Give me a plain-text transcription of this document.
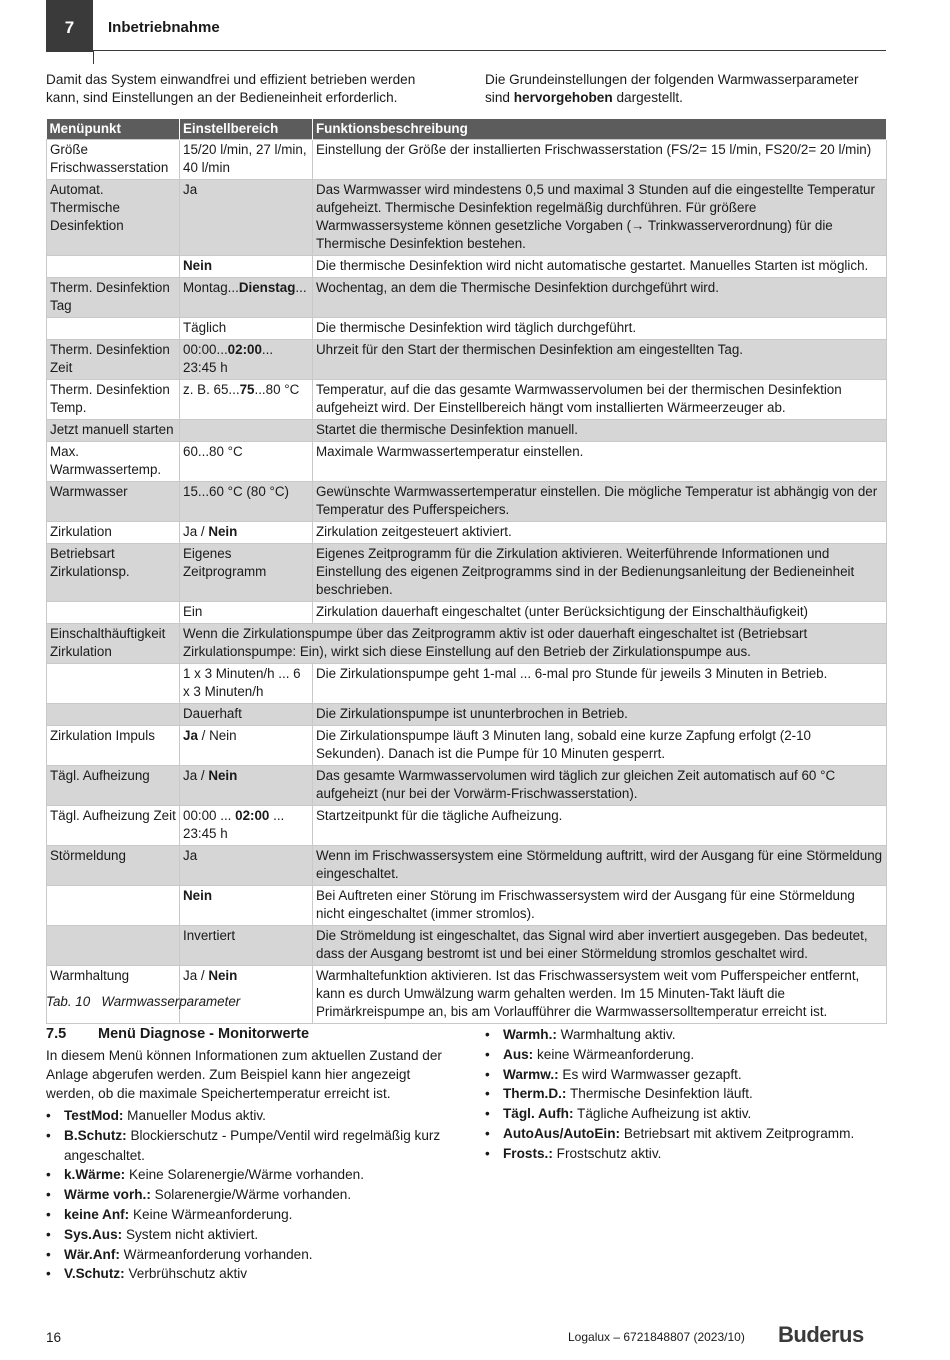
7	Inbetriebnahme
Damit das System einwandfrei und effizient betrieben werden kann, sind Einstellungen an der Bedieneinheit erforderlich.
Die Grundeinstellungen der folgenden Warmwasserparameter sind hervorgehoben dargestellt.
Menüpunkt	Einstellbereich	Funktionsbeschreibung
Größe Frischwasserstation	15/20 l/min, 27 l/min, 40 l/min	Einstellung der Größe der installierten Frischwasserstation (FS/2= 15 l/min, FS20/2= 20 l/min)
Automat. Thermische Desinfektion	Ja	Das Warmwasser wird mindestens 0,5 und maximal 3 Stunden auf die eingestellte Temperatur aufgeheizt. Thermische Desinfektion regelmäßig durchführen. Für größere Warmwassersysteme können gesetzliche Vorgaben (→ Trinkwasserverordnung) für die Thermische Desinfektion bestehen.
	Nein	Die thermische Desinfektion wird nicht automatische gestartet. Manuelles Starten ist möglich.
Therm. Desinfektion Tag	Montag...Dienstag...	Wochentag, an dem die Thermische Desinfektion durchgeführt wird.
	Täglich	Die thermische Desinfektion wird täglich durchgeführt.
Therm. Desinfektion Zeit	00:00...02:00... 23:45 h	Uhrzeit für den Start der thermischen Desinfektion am eingestellten Tag.
Therm. Desinfektion Temp.	z. B. 65...75...80 °C	Temperatur, auf die das gesamte Warmwasservolumen bei der thermischen Desinfektion aufgeheizt wird. Der Einstellbereich hängt vom installierten Wärmeerzeuger ab.
Jetzt manuell starten		Startet die thermische Desinfektion manuell.
Max. Warmwassertemp.	60...80 °C	Maximale Warmwassertemperatur einstellen.
Warmwasser	15...60 °C (80 °C)	Gewünschte Warmwassertemperatur einstellen. Die mögliche Temperatur ist abhängig von der Temperatur des Pufferspeichers.
Zirkulation	Ja / Nein	Zirkulation zeitgesteuert aktiviert.
Betriebsart Zirkulationsp.	Eigenes Zeitprogramm	Eigenes Zeitprogramm für die Zirkulation aktivieren. Weiterführende Informationen und Einstellung des eigenen Zeitprogramms sind in der Bedienungsanleitung der Bedieneinheit beschrieben.
	Ein	Zirkulation dauerhaft eingeschaltet (unter Berücksichtigung der Einschalthäufigkeit)
Einschalthäuftigkeit Zirkulation	Wenn die Zirkulationspumpe über das Zeitprogramm aktiv ist oder dauerhaft eingeschaltet ist (Betriebsart Zirkulationspumpe: Ein), wirkt sich diese Einstellung auf den Betrieb der Zirkulationspumpe aus.	
	1 x 3 Minuten/h ... 6 x 3 Minuten/h	Die Zirkulationspumpe geht 1-mal ... 6-mal pro Stunde für jeweils 3 Minuten in Betrieb.
	Dauerhaft	Die Zirkulationspumpe ist ununterbrochen in Betrieb.
Zirkulation Impuls	Ja / Nein	Die Zirkulationspumpe läuft 3 Minuten lang, sobald eine kurze Zapfung erfolgt (2-10 Sekunden). Danach ist die Pumpe für 10 Minuten gesperrt.
Tägl. Aufheizung	Ja / Nein	Das gesamte Warmwasservolumen wird täglich zur gleichen Zeit automatisch auf 60 °C aufgeheizt (nur bei der Vorwärm-Frischwasserstation).
Tägl. Aufheizung Zeit	00:00 ... 02:00 ... 23:45 h	Startzeitpunkt für die tägliche Aufheizung.
Störmeldung	Ja	Wenn im Frischwassersystem eine Störmeldung auftritt, wird der Ausgang für eine Störmeldung eingeschaltet.
	Nein	Bei Auftreten einer Störung im Frischwassersystem wird der Ausgang für eine Störmeldung nicht eingeschaltet (immer stromlos).
	Invertiert	Die Strömeldung ist eingeschaltet, das Signal wird aber invertiert ausgegeben. Das bedeutet, dass der Ausgang bestromt ist und bei einer Störmeldung stromlos geschaltet wird.
Warmhaltung	Ja / Nein	Warmhaltefunktion aktivieren. Ist das Frischwassersystem weit vom Pufferspeicher entfernt, kann es durch Umwälzung warm gehalten werden. Im 15 Minuten-Takt läuft die Primärkreispumpe an, bis am Vorlaufführer die Warmwassersolltemperatur erreicht ist.
Tab. 10 Warmwasserparameter
7.5 Menü Diagnose - Monitorwerte
In diesem Menü können Informationen zum aktuellen Zustand der Anlage abgerufen werden. Zum Beispiel kann hier angezeigt werden, ob die maximale Speichertemperatur erreicht ist.
• TestMod: Manueller Modus aktiv.
• B.Schutz: Blockierschutz - Pumpe/Ventil wird regelmäßig kurz angeschaltet.
• k.Wärme: Keine Solarenergie/Wärme vorhanden.
• Wärme vorh.: Solarenergie/Wärme vorhanden.
• keine Anf: Keine Wärmeanforderung.
• Sys.Aus: System nicht aktiviert.
• Wär.Anf: Wärmeanforderung vorhanden.
• V.Schutz: Verbrühschutz aktiv
• Warmh.: Warmhaltung aktiv.
• Aus: keine Wärmeanforderung.
• Warmw.: Es wird Warmwasser gezapft.
• Therm.D.: Thermische Desinfektion läuft.
• Tägl. Aufh: Tägliche Aufheizung ist aktiv.
• AutoAus/AutoEin: Betriebsart mit aktivem Zeitprogramm.
• Frosts.: Frostschutz aktiv.
16	Logalux – 6721848807 (2023/10) Buderus
